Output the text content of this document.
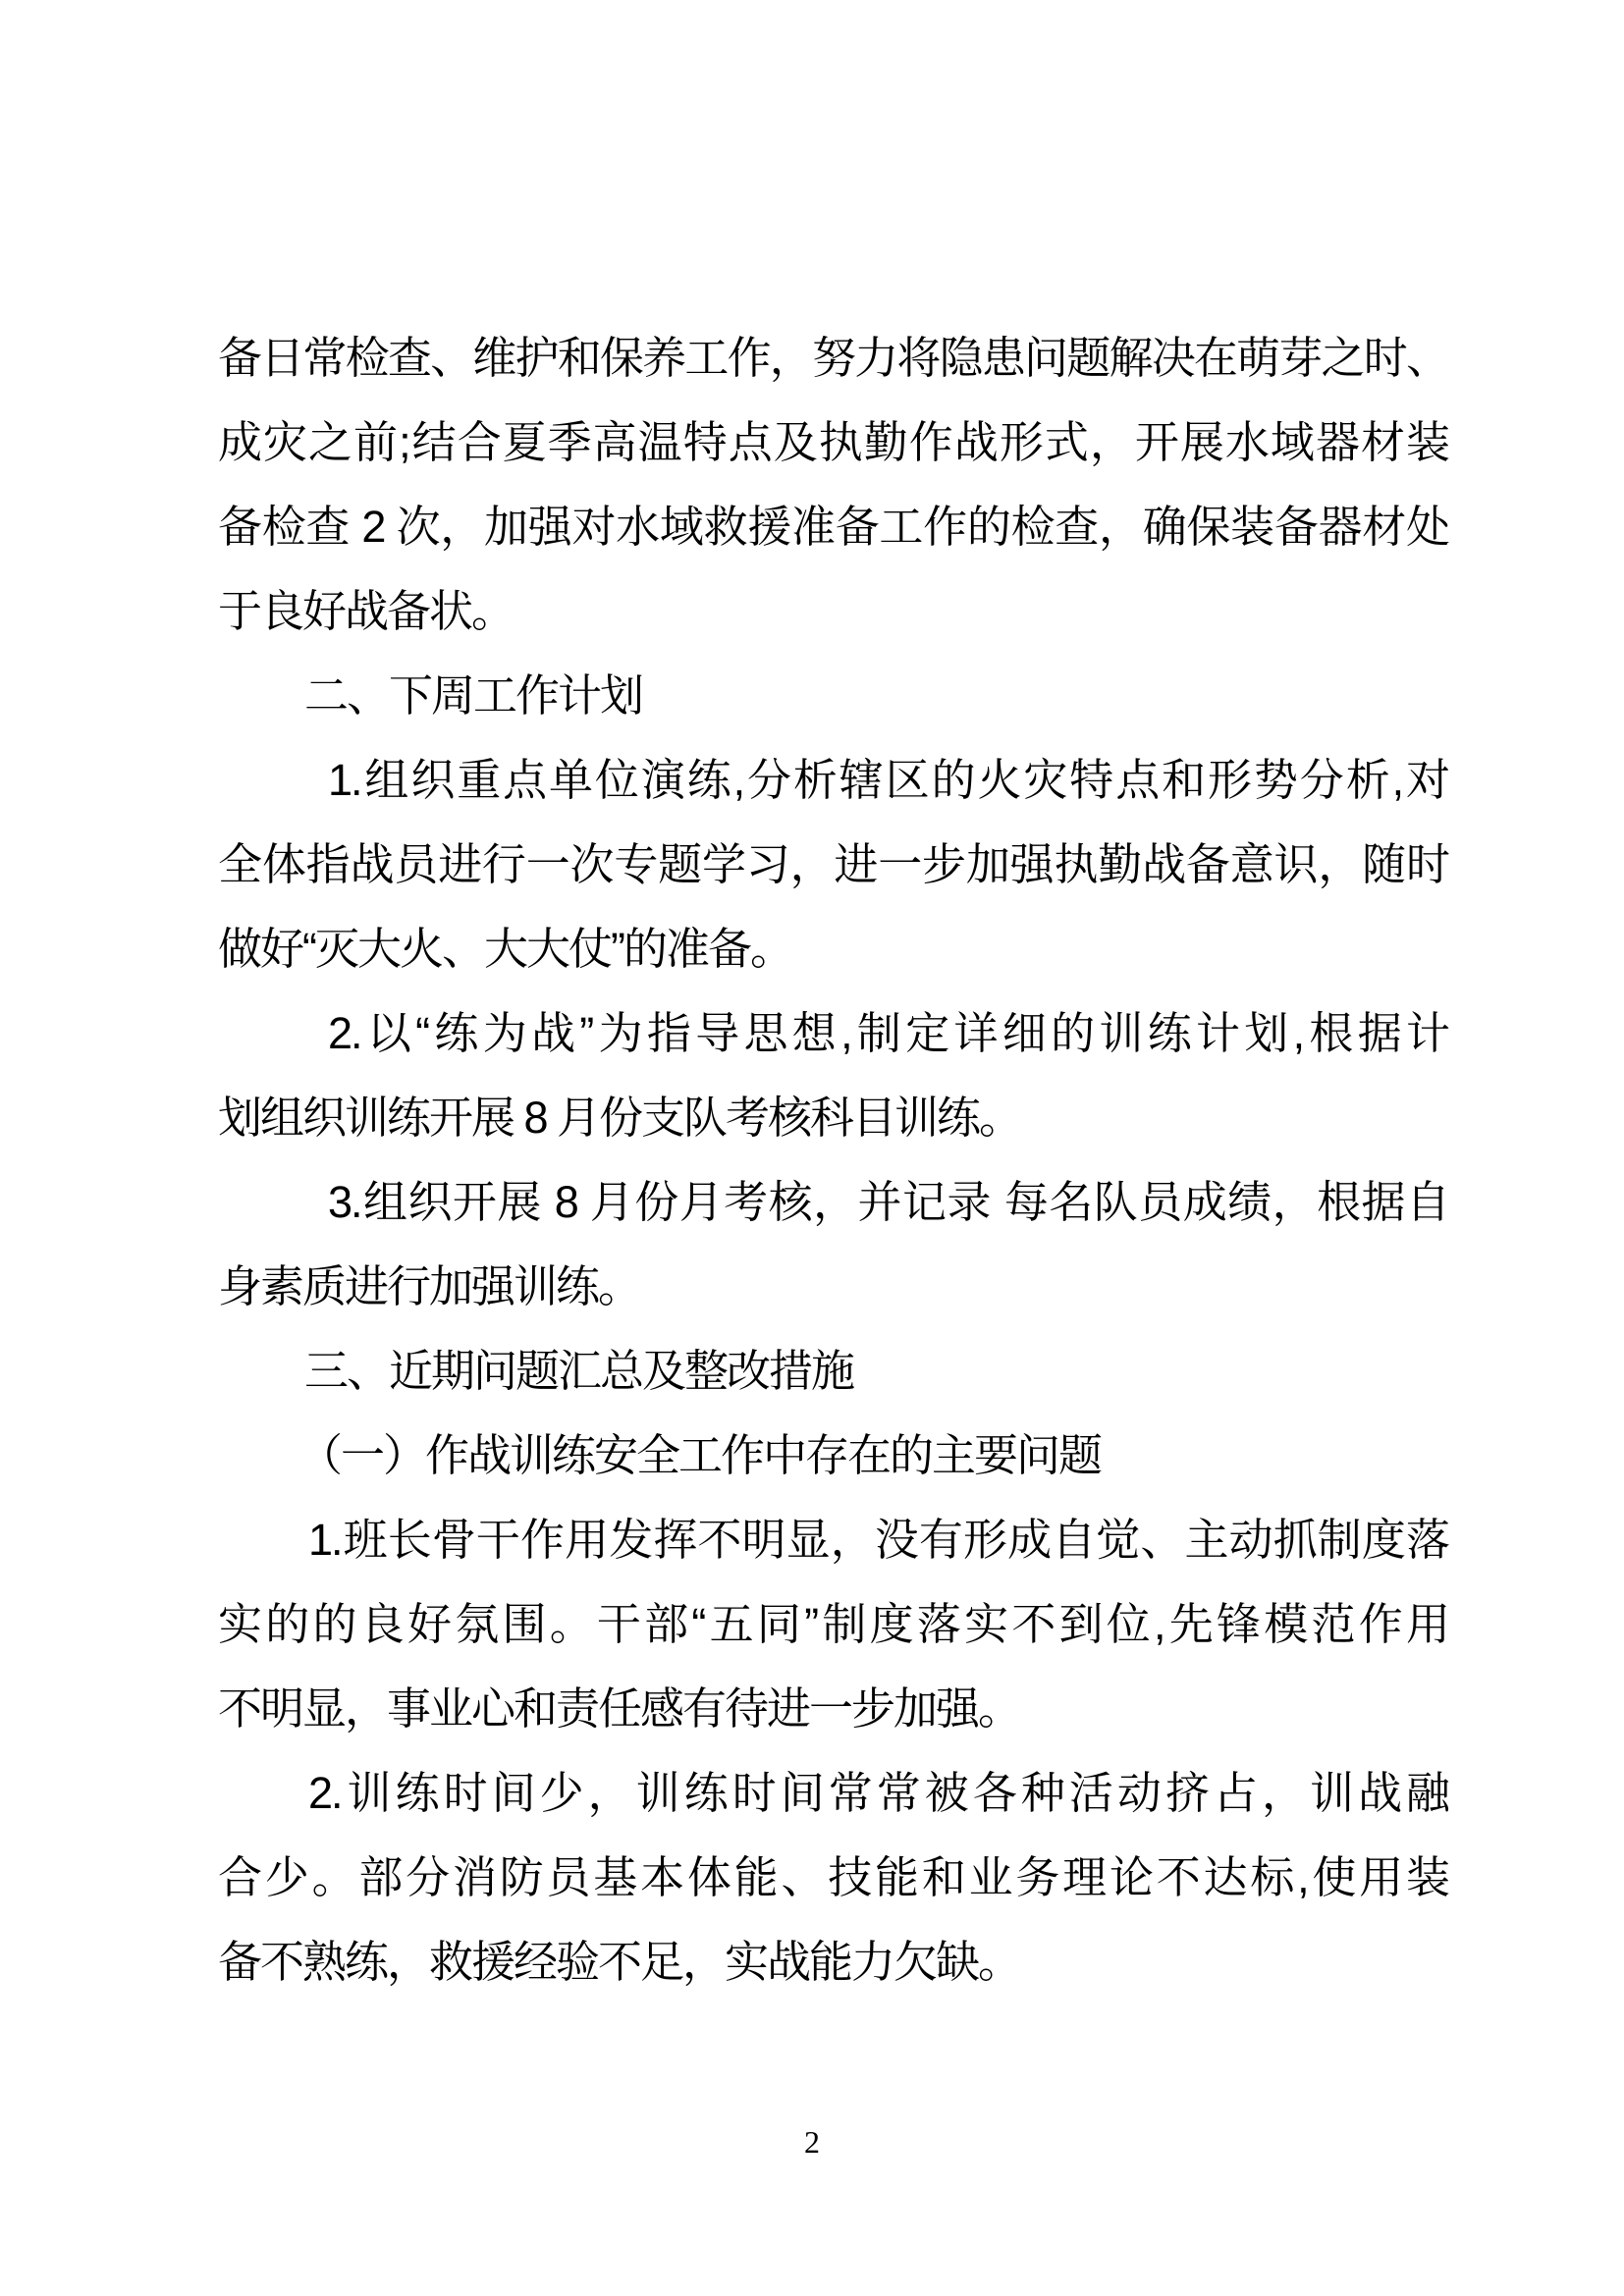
备日常检查、维护和保养工作，努力将隐患问题解决在萌芽之时、

成灾之前;结合夏季高温特点及执勤作战形式，开展水域器材装

备检查 2 次，加强对水域救援准备工作的检查，确保装备器材处

于良好战备状。

二、下周工作计划

1.组织重点单位演练,分析辖区的火灾特点和形势分析,对

全体指战员进行一次专题学习，进一步加强执勤战备意识，随时

做好“灭大火、大大仗”的准备。

2.以“练为战”为指导思想,制定详细的训练计划,根据计

划组织训练开展 8 月份支队考核科目训练。

3.组织开展 8 月份月考核，并记录 每名队员成绩，根据自

身素质进行加强训练。

三、近期问题汇总及整改措施

（一）作战训练安全工作中存在的主要问题

1.班长骨干作用发挥不明显，没有形成自觉、主动抓制度落

实的的良好氛围。干部“五同”制度落实不到位,先锋模范作用

不明显，事业心和责任感有待进一步加强。

2.训练时间少，训练时间常常被各种活动挤占，训战融

合少。部分消防员基本体能、技能和业务理论不达标,使用装

备不熟练，救援经验不足，实战能力欠缺。

2
